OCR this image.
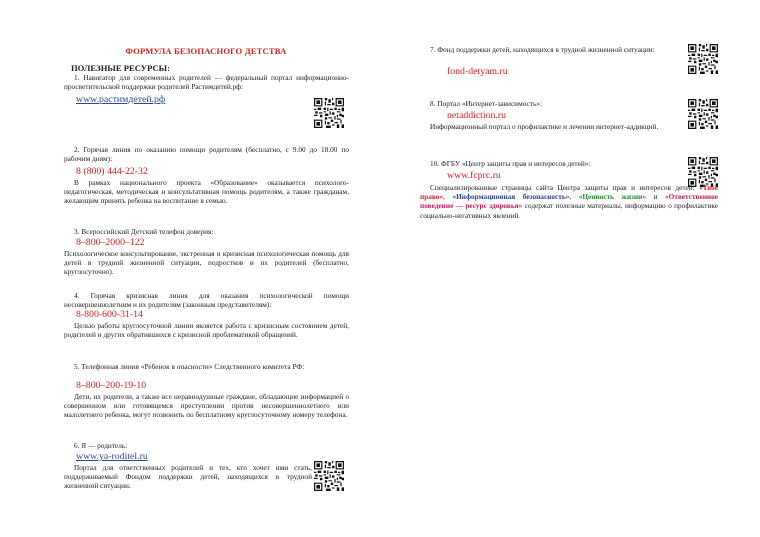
ФОРМУЛА БЕЗОПАСНОГО ДЕТСТВА
ПОЛЕЗНЫЕ РЕСУРСЫ:
1. Навигатор для современных родителей — федеральный портал информационно-просветительской поддержки родителей Растимдетей.рф:
www.растимдетей.рф
2. Горячая линия по оказанию помощи родителям (бесплатно, с 9.00 до 18.00 по рабочим дням):
8 (800) 444-22-32
В рамках национального проекта «Образование» оказывается психолого-педагогическая, методическая и консультативная помощь родителям, а также гражданам, желающим принять ребенка на воспитание в семью.
3. Всероссийский Детский телефон доверия:
8–800–2000–122
Психологическое консультирование, экстренная и кризисная психологическая помощь для детей в трудной жизненной ситуации, подростков и их родителей (бесплатно, круглосуточно).
4. Горячая кризисная линия для оказания психологической помощи несовершеннолетним и их родителям (законным представителям):
8-800-600-31-14
Целью работы круглосуточной линии является работа с кризисным состоянием детей, родителей и других обратившихся с кризисной проблематикой обращений.
5. Телефонная линия «Ребенок в опасности» Следственного комитета РФ:
8–800–200-19-10
Дети, их родители, а также все неравнодушные граждане, обладающие информацией о совершенном или готовящемся преступлении против несовершеннолетнего или малолетнего ребенка, могут позвонить по бесплатному круглосуточному номеру телефона.
6. Я — родитель:
www.ya-roditel.ru
Портал для ответственных родителей и тех, кто хочет ими стать, поддерживаемый Фондом поддержки детей, находящихся в трудной жизненной ситуации.
7. Фонд поддержки детей, находящихся в трудной жизненной ситуации:
fond-detyam.ru
8. Портал «Интернет-зависимость»:
netaddiction.ru
Информационный портал о профилактике и лечении интернет-аддикций.
10. ФГБУ «Центр защиты прав и интересов детей»:
www.fcprc.ru
Специализированные страницы сайта Центра защиты прав и интересов детей: «Твое право», «Информационная безопасность», «Ценность жизни» и «Ответственное поведение — ресурс здоровья» содержат полезные материалы, информацию о профилактике социально-негативных явлений.
